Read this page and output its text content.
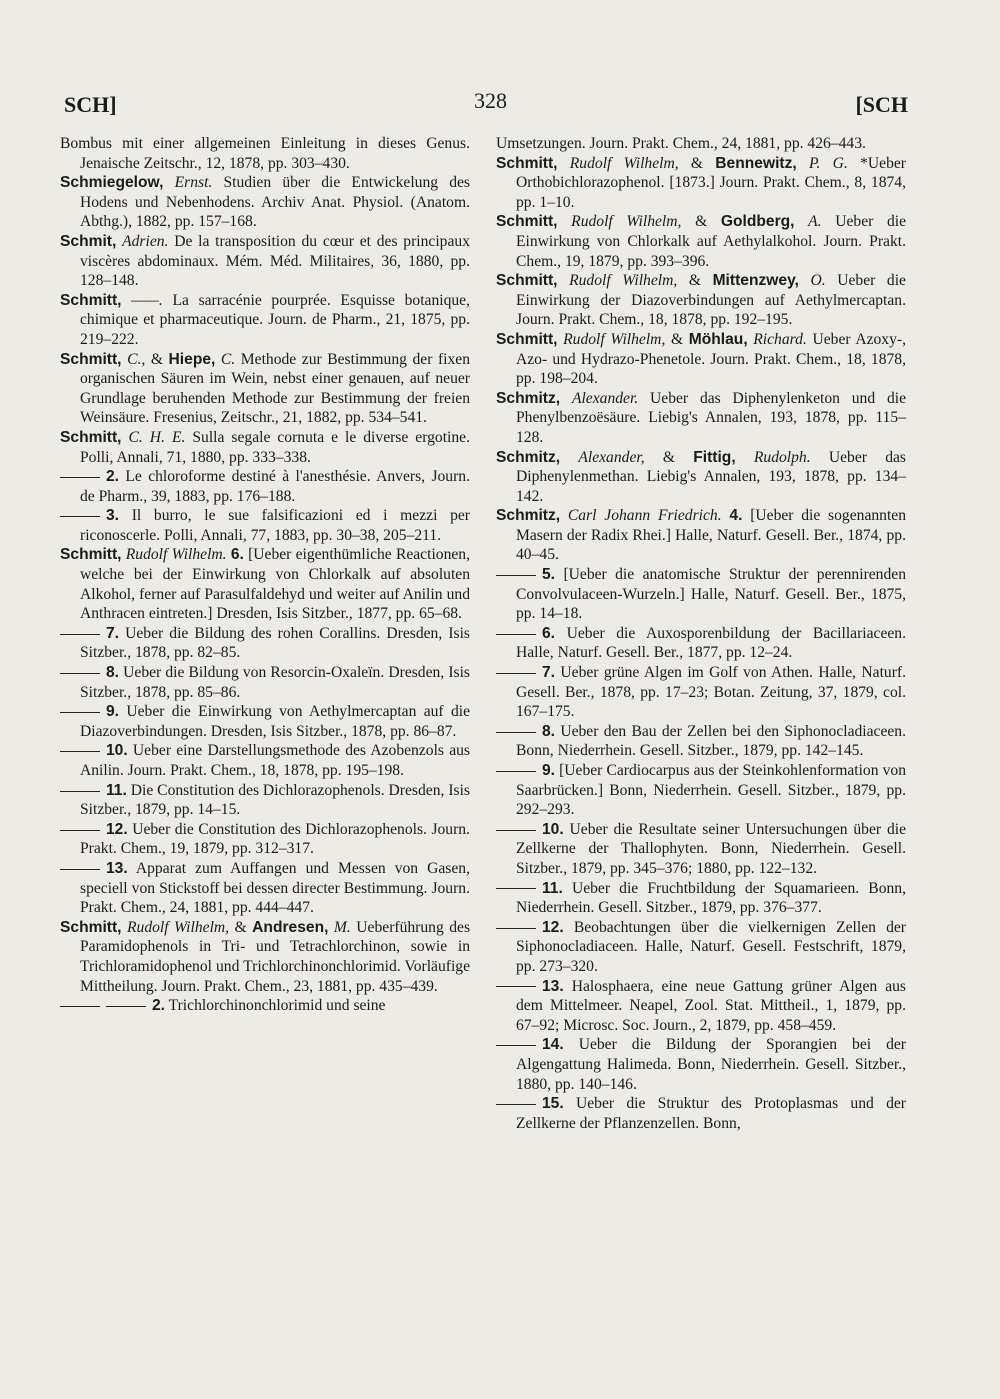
SCH]	328	[SCH

Bombus mit einer allgemeinen Einleitung in dieses Genus. Jenaische Zeitschr., 12, 1878, pp. 303–430.

Schmiegelow, Ernst. Studien über die Entwickelung des Hodens und Nebenhodens. Archiv Anat. Physiol. (Anatom. Abthg.), 1882, pp. 157–168.

Schmit, Adrien. De la transposition du cœur et des principaux viscères abdominaux. Mém. Méd. Militaires, 36, 1880, pp. 128–148.

Schmitt, ——. La sarracénie pourprée. Esquisse botanique, chimique et pharmaceutique. Journ. de Pharm., 21, 1875, pp. 219–222.

Schmitt, C., & Hiepe, C. Methode zur Bestimmung der fixen organischen Säuren im Wein, nebst einer genauen, auf neuer Grundlage beruhenden Methode zur Bestimmung der freien Weinsäure. Fresenius, Zeitschr., 21, 1882, pp. 534–541.

Schmitt, C. H. E. Sulla segale cornuta e le diverse ergotine. Polli, Annali, 71, 1880, pp. 333–338.

2. Le chloroforme destiné à l'anesthésie. Anvers, Journ. de Pharm., 39, 1883, pp. 176–188.

3. Il burro, le sue falsificazioni ed i mezzi per riconoscerle. Polli, Annali, 77, 1883, pp. 30–38, 205–211.

Schmitt, Rudolf Wilhelm. 6. [Ueber eigenthümliche Reactionen, welche bei der Einwirkung von Chlorkalk auf absoluten Alkohol, ferner auf Parasulfaldehyd und weiter auf Anilin und Anthracen eintreten.] Dresden, Isis Sitzber., 1877, pp. 65–68.

7. Ueber die Bildung des rohen Corallins. Dresden, Isis Sitzber., 1878, pp. 82–85.

8. Ueber die Bildung von Resorcin-Oxaleïn. Dresden, Isis Sitzber., 1878, pp. 85–86.

9. Ueber die Einwirkung von Aethylmercaptan auf die Diazoverbindungen. Dresden, Isis Sitzber., 1878, pp. 86–87.

10. Ueber eine Darstellungsmethode des Azobenzols aus Anilin. Journ. Prakt. Chem., 18, 1878, pp. 195–198.

11. Die Constitution des Dichlorazophenols. Dresden, Isis Sitzber., 1879, pp. 14–15.

12. Ueber die Constitution des Dichlorazophenols. Journ. Prakt. Chem., 19, 1879, pp. 312–317.

13. Apparat zum Auffangen und Messen von Gasen, speciell von Stickstoff bei dessen directer Bestimmung. Journ. Prakt. Chem., 24, 1881, pp. 444–447.

Schmitt, Rudolf Wilhelm, & Andresen, M. Ueberführung des Paramidophenols in Tri- und Tetrachlorchinon, sowie in Trichloramidophenol und Trichlorchinonchlorimid. Vorläufige Mittheilung. Journ. Prakt. Chem., 23, 1881, pp. 435–439.

2. Trichlorchinonchlorimid und seine

Umsetzungen. Journ. Prakt. Chem., 24, 1881, pp. 426–443.

Schmitt, Rudolf Wilhelm, & Bennewitz, P. G. *Ueber Orthobichlorazophenol. [1873.] Journ. Prakt. Chem., 8, 1874, pp. 1–10.

Schmitt, Rudolf Wilhelm, & Goldberg, A. Ueber die Einwirkung von Chlorkalk auf Aethylalkohol. Journ. Prakt. Chem., 19, 1879, pp. 393–396.

Schmitt, Rudolf Wilhelm, & Mittenzwey, O. Ueber die Einwirkung der Diazoverbindungen auf Aethylmercaptan. Journ. Prakt. Chem., 18, 1878, pp. 192–195.

Schmitt, Rudolf Wilhelm, & Möhlau, Richard. Ueber Azoxy-, Azo- und Hydrazo-Phenetole. Journ. Prakt. Chem., 18, 1878, pp. 198–204.

Schmitz, Alexander. Ueber das Diphenylenketon und die Phenylbenzoësäure. Liebig's Annalen, 193, 1878, pp. 115–128.

Schmitz, Alexander, & Fittig, Rudolph. Ueber das Diphenylenmethan. Liebig's Annalen, 193, 1878, pp. 134–142.

Schmitz, Carl Johann Friedrich. 4. [Ueber die sogenannten Masern der Radix Rhei.] Halle, Naturf. Gesell. Ber., 1874, pp. 40–45.

5. [Ueber die anatomische Struktur der perennirenden Convolvulaceen-Wurzeln.] Halle, Naturf. Gesell. Ber., 1875, pp. 14–18.

6. Ueber die Auxosporenbildung der Bacillariaceen. Halle, Naturf. Gesell. Ber., 1877, pp. 12–24.

7. Ueber grüne Algen im Golf von Athen. Halle, Naturf. Gesell. Ber., 1878, pp. 17–23; Botan. Zeitung, 37, 1879, col. 167–175.

8. Ueber den Bau der Zellen bei den Siphonocladiaceen. Bonn, Niederrhein. Gesell. Sitzber., 1879, pp. 142–145.

9. [Ueber Cardiocarpus aus der Steinkohlenformation von Saarbrücken.] Bonn, Niederrhein. Gesell. Sitzber., 1879, pp. 292–293.

10. Ueber die Resultate seiner Untersuchungen über die Zellkerne der Thallophyten. Bonn, Niederrhein. Gesell. Sitzber., 1879, pp. 345–376; 1880, pp. 122–132.

11. Ueber die Fruchtbildung der Squamarieen. Bonn, Niederrhein. Gesell. Sitzber., 1879, pp. 376–377.

12. Beobachtungen über die vielkernigen Zellen der Siphonocladiaceen. Halle, Naturf. Gesell. Festschrift, 1879, pp. 273–320.

13. Halosphaera, eine neue Gattung grüner Algen aus dem Mittelmeer. Neapel, Zool. Stat. Mittheil., 1, 1879, pp. 67–92; Microsc. Soc. Journ., 2, 1879, pp. 458–459.

14. Ueber die Bildung der Sporangien bei der Algengattung Halimeda. Bonn, Niederrhein. Gesell. Sitzber., 1880, pp. 140–146.

15. Ueber die Struktur des Protoplasmas und der Zellkerne der Pflanzenzellen. Bonn,
